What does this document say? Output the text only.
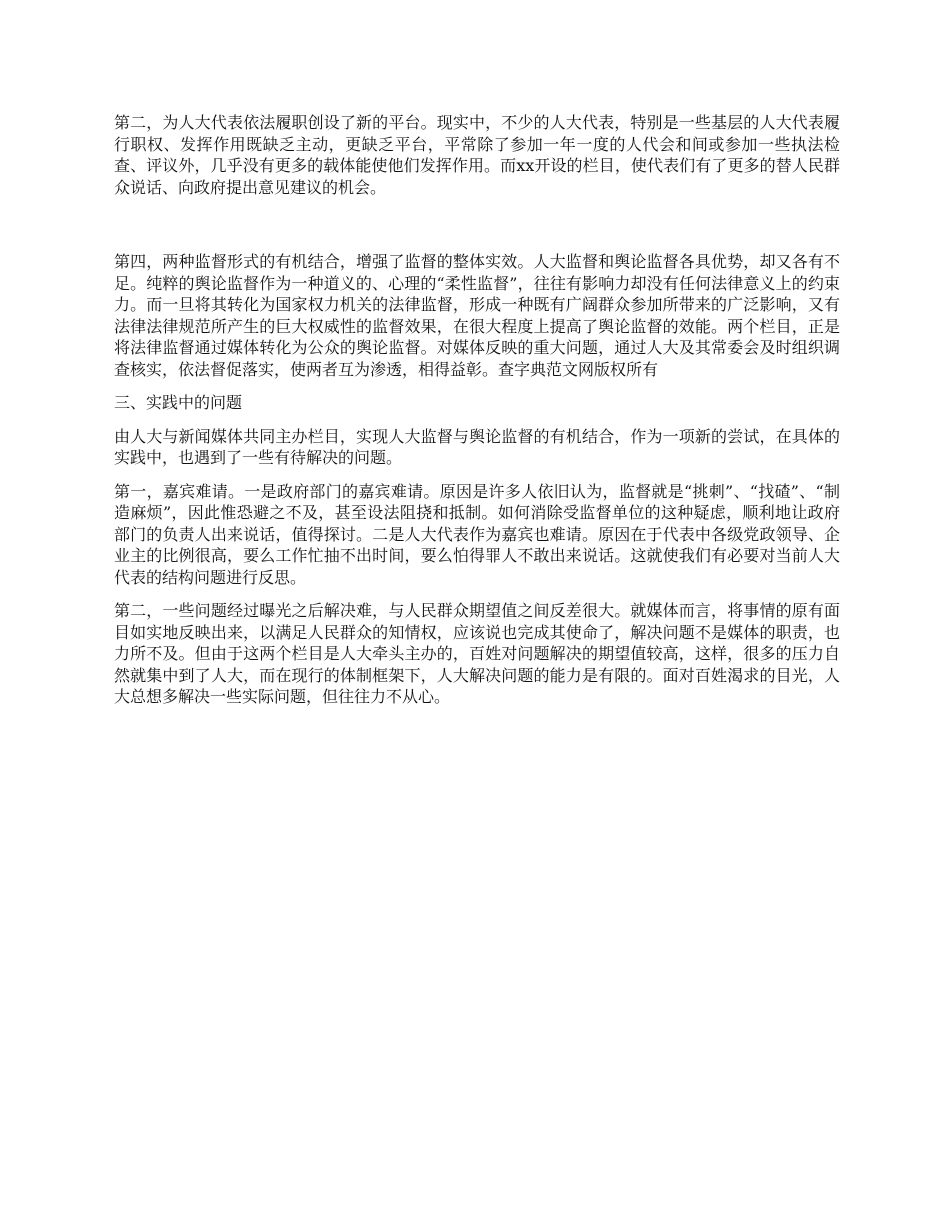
第二，为人大代表依法履职创设了新的平台。现实中，不少的人大代表，特别是一些基层的人大代表履行职权、发挥作用既缺乏主动，更缺乏平台，平常除了参加一年一度的人代会和间或参加一些执法检查、评议外，几乎没有更多的载体能使他们发挥作用。而xx开设的栏目，使代表们有了更多的替人民群众说话、向政府提出意见建议的机会。

第四，两种监督形式的有机结合，增强了监督的整体实效。人大监督和舆论监督各具优势，却又各有不足。纯粹的舆论监督作为一种道义的、心理的“柔性监督”，往往有影响力却没有任何法律意义上的约束力。而一旦将其转化为国家权力机关的法律监督，形成一种既有广阔群众参加所带来的广泛影响，又有法律法律规范所产生的巨大权威性的监督效果，在很大程度上提高了舆论监督的效能。两个栏目，正是将法律监督通过媒体转化为公众的舆论监督。对媒体反映的重大问题，通过人大及其常委会及时组织调查核实，依法督促落实，使两者互为渗透，相得益彰。查字典范文网版权所有

三、实践中的问题

由人大与新闻媒体共同主办栏目，实现人大监督与舆论监督的有机结合，作为一项新的尝试，在具体的实践中，也遇到了一些有待解决的问题。

第一，嘉宾难请。一是政府部门的嘉宾难请。原因是许多人依旧认为，监督就是“挑刺”、“找碴”、“制造麻烦”，因此惟恐避之不及，甚至设法阻挠和抵制。如何消除受监督单位的这种疑虑，顺利地让政府部门的负责人出来说话，值得探讨。二是人大代表作为嘉宾也难请。原因在于代表中各级党政领导、企业主的比例很高，要么工作忙抽不出时间，要么怕得罪人不敢出来说话。这就使我们有必要对当前人大代表的结构问题进行反思。

第二，一些问题经过曝光之后解决难，与人民群众期望值之间反差很大。就媒体而言，将事情的原有面目如实地反映出来，以满足人民群众的知情权，应该说也完成其使命了，解决问题不是媒体的职责，也力所不及。但由于这两个栏目是人大牵头主办的，百姓对问题解决的期望值较高，这样，很多的压力自然就集中到了人大，而在现行的体制框架下，人大解决问题的能力是有限的。面对百姓渴求的目光，人大总想多解决一些实际问题，但往往力不从心。
